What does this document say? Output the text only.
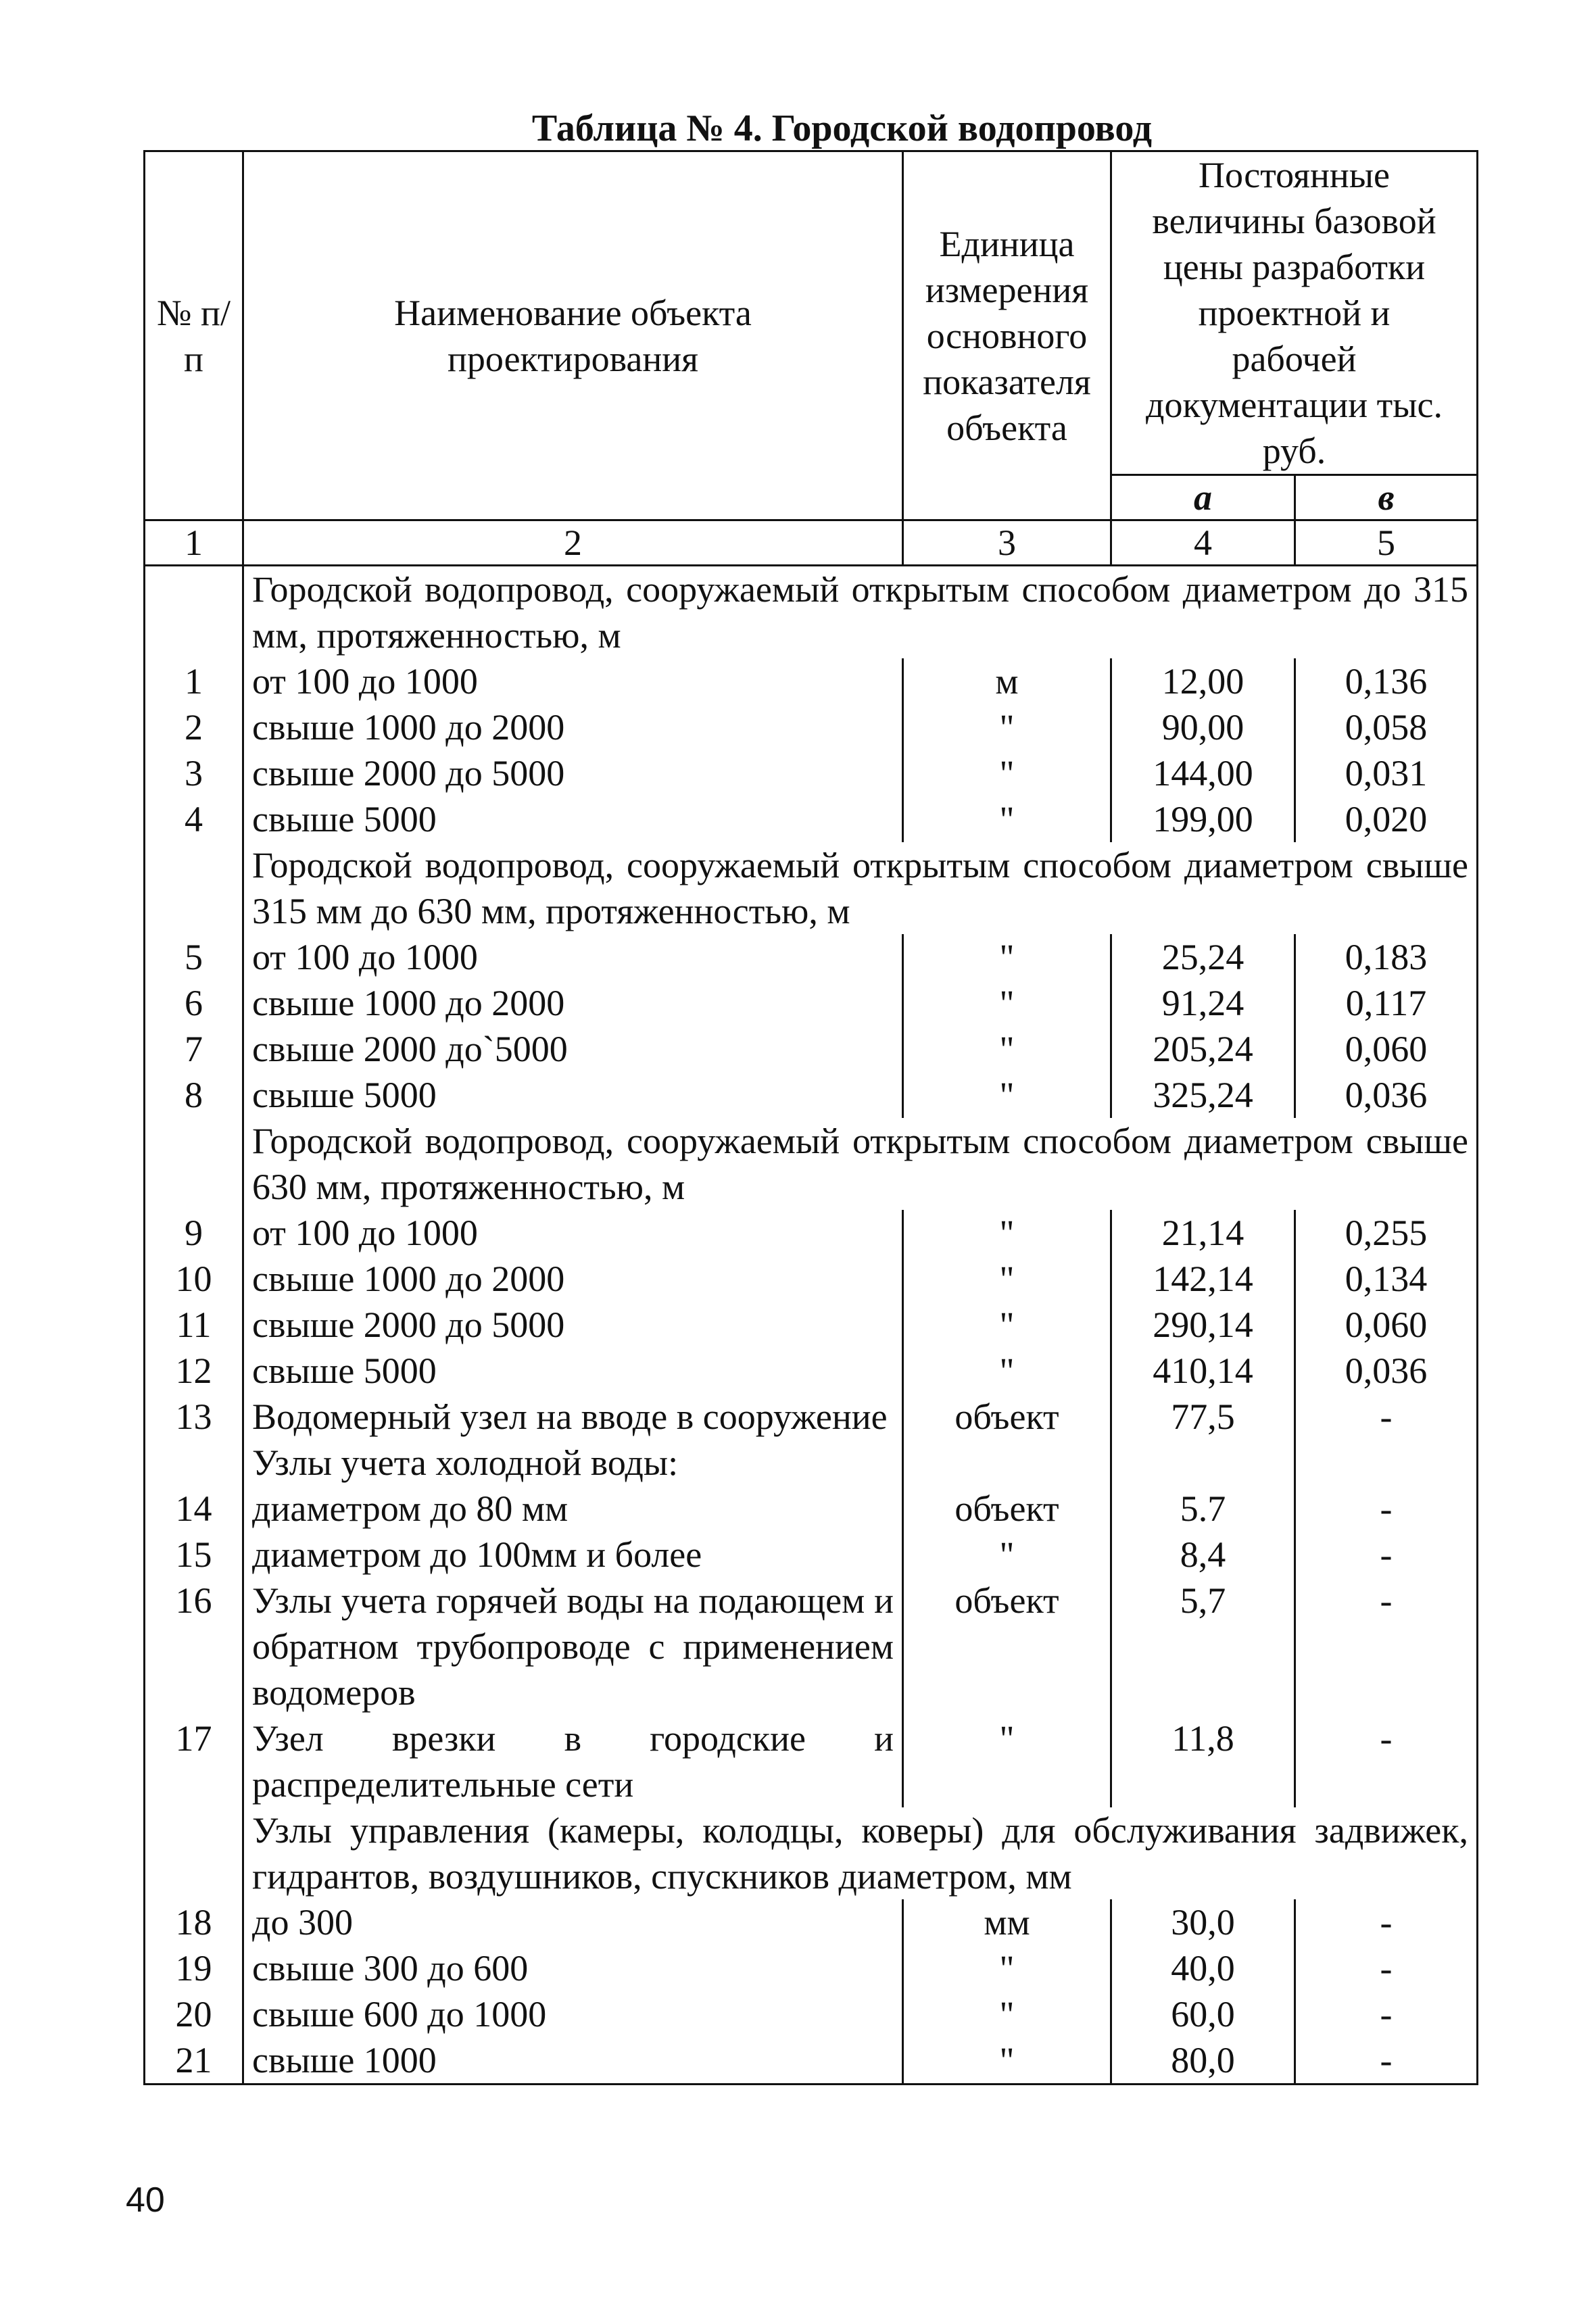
Таблица № 4. Городской водопровод
№ п/п	Наименование объекта проектирования	Единица измерения основного показателя объекта	Постоянные величины базовой цены разработки проектной и рабочей документации тыс. руб.	
			а	в
1	2	3	4	5
	Городской водопровод, сооружаемый открытым способом диаметром до 315 мм, протяженностью, м			
1	от 100 до 1000	м	12,00	0,136
2	свыше 1000 до 2000	"	90,00	0,058
3	свыше 2000 до 5000	"	144,00	0,031
4	свыше 5000	"	199,00	0,020
	Городской водопровод, сооружаемый открытым способом диаметром свыше 315 мм до 630 мм, протяженностью, м			
5	от 100 до 1000	"	25,24	0,183
6	свыше 1000 до 2000	"	91,24	0,117
7	свыше 2000 до`5000	"	205,24	0,060
8	свыше 5000	"	325,24	0,036
	Городской водопровод, сооружаемый открытым способом диаметром свыше 630 мм, протяженностью, м			
9	от 100 до 1000	"	21,14	0,255
10	свыше 1000 до 2000	"	142,14	0,134
11	свыше 2000 до 5000	"	290,14	0,060
12	свыше 5000	"	410,14	0,036
13	Водомерный узел на вводе в сооружение	объект	77,5	-
	Узлы учета холодной воды:			
14	диаметром до 80 мм	объект	5.7	-
15	диаметром до 100мм и более	"	8,4	-
16	Узлы учета горячей воды на подающем и обратном трубопроводе с применением водомеров	объект	5,7	-
17	Узел врезки в городские и распределительные сети	"	11,8	-
	Узлы управления (камеры, колодцы, коверы) для обслуживания задвижек, гидрантов, воздушников, спускников диаметром, мм			
18	до 300	мм	30,0	-
19	свыше 300 до 600	"	40,0	-
20	свыше 600 до 1000	"	60,0	-
21	свыше 1000	"	80,0	-
40
